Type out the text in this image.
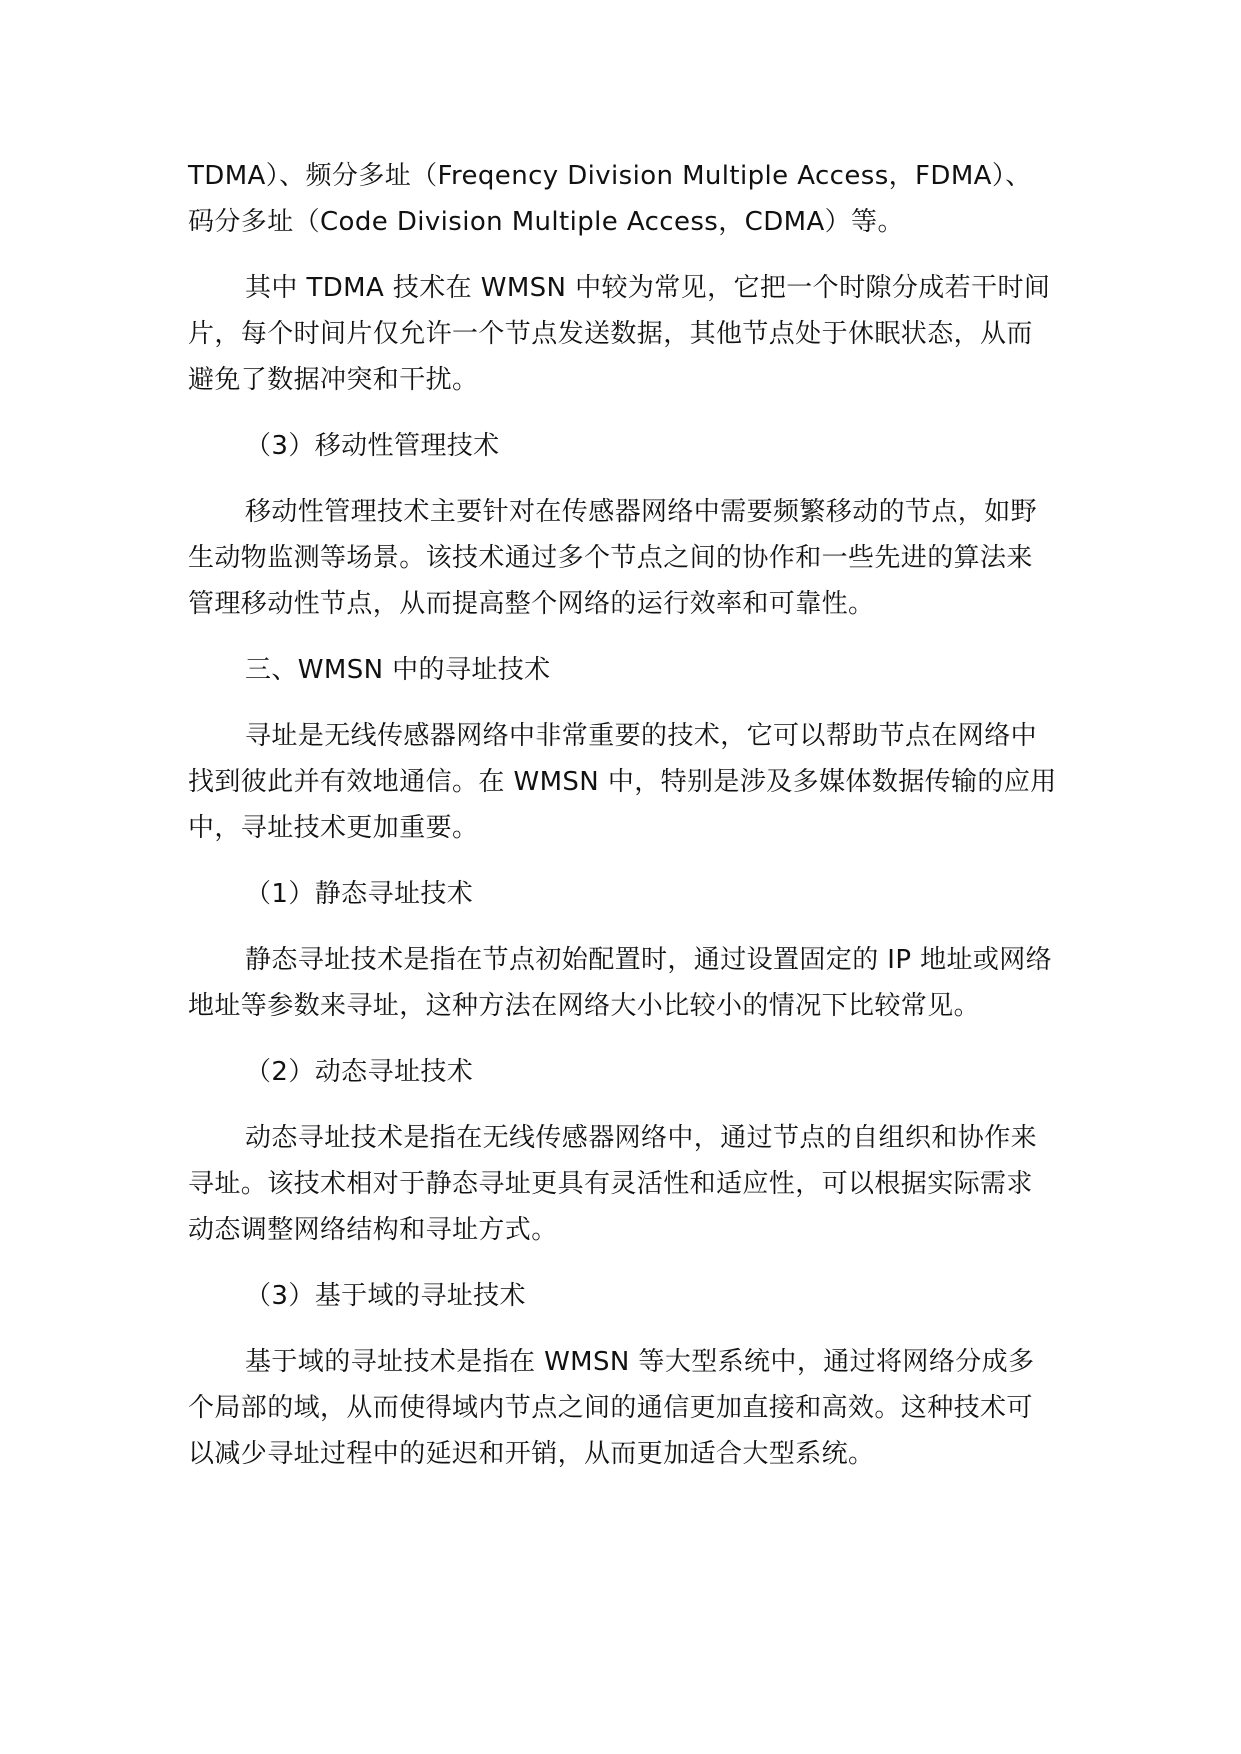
TDMA）、频分多址（Freqency Division Multiple Access，FDMA）、码分多址（Code Division Multiple Access，CDMA）等。

其中 TDMA 技术在 WMSN 中较为常见，它把一个时隙分成若干时间片，每个时间片仅允许一个节点发送数据，其他节点处于休眠状态，从而避免了数据冲突和干扰。

（3）移动性管理技术

移动性管理技术主要针对在传感器网络中需要频繁移动的节点，如野生动物监测等场景。该技术通过多个节点之间的协作和一些先进的算法来管理移动性节点，从而提高整个网络的运行效率和可靠性。

三、WMSN 中的寻址技术

寻址是无线传感器网络中非常重要的技术，它可以帮助节点在网络中找到彼此并有效地通信。在 WMSN 中，特别是涉及多媒体数据传输的应用中，寻址技术更加重要。

（1）静态寻址技术

静态寻址技术是指在节点初始配置时，通过设置固定的 IP 地址或网络地址等参数来寻址，这种方法在网络大小比较小的情况下比较常见。

（2）动态寻址技术

动态寻址技术是指在无线传感器网络中，通过节点的自组织和协作来寻址。该技术相对于静态寻址更具有灵活性和适应性，可以根据实际需求动态调整网络结构和寻址方式。

（3）基于域的寻址技术

基于域的寻址技术是指在 WMSN 等大型系统中，通过将网络分成多个局部的域，从而使得域内节点之间的通信更加直接和高效。这种技术可以减少寻址过程中的延迟和开销，从而更加适合大型系统。
